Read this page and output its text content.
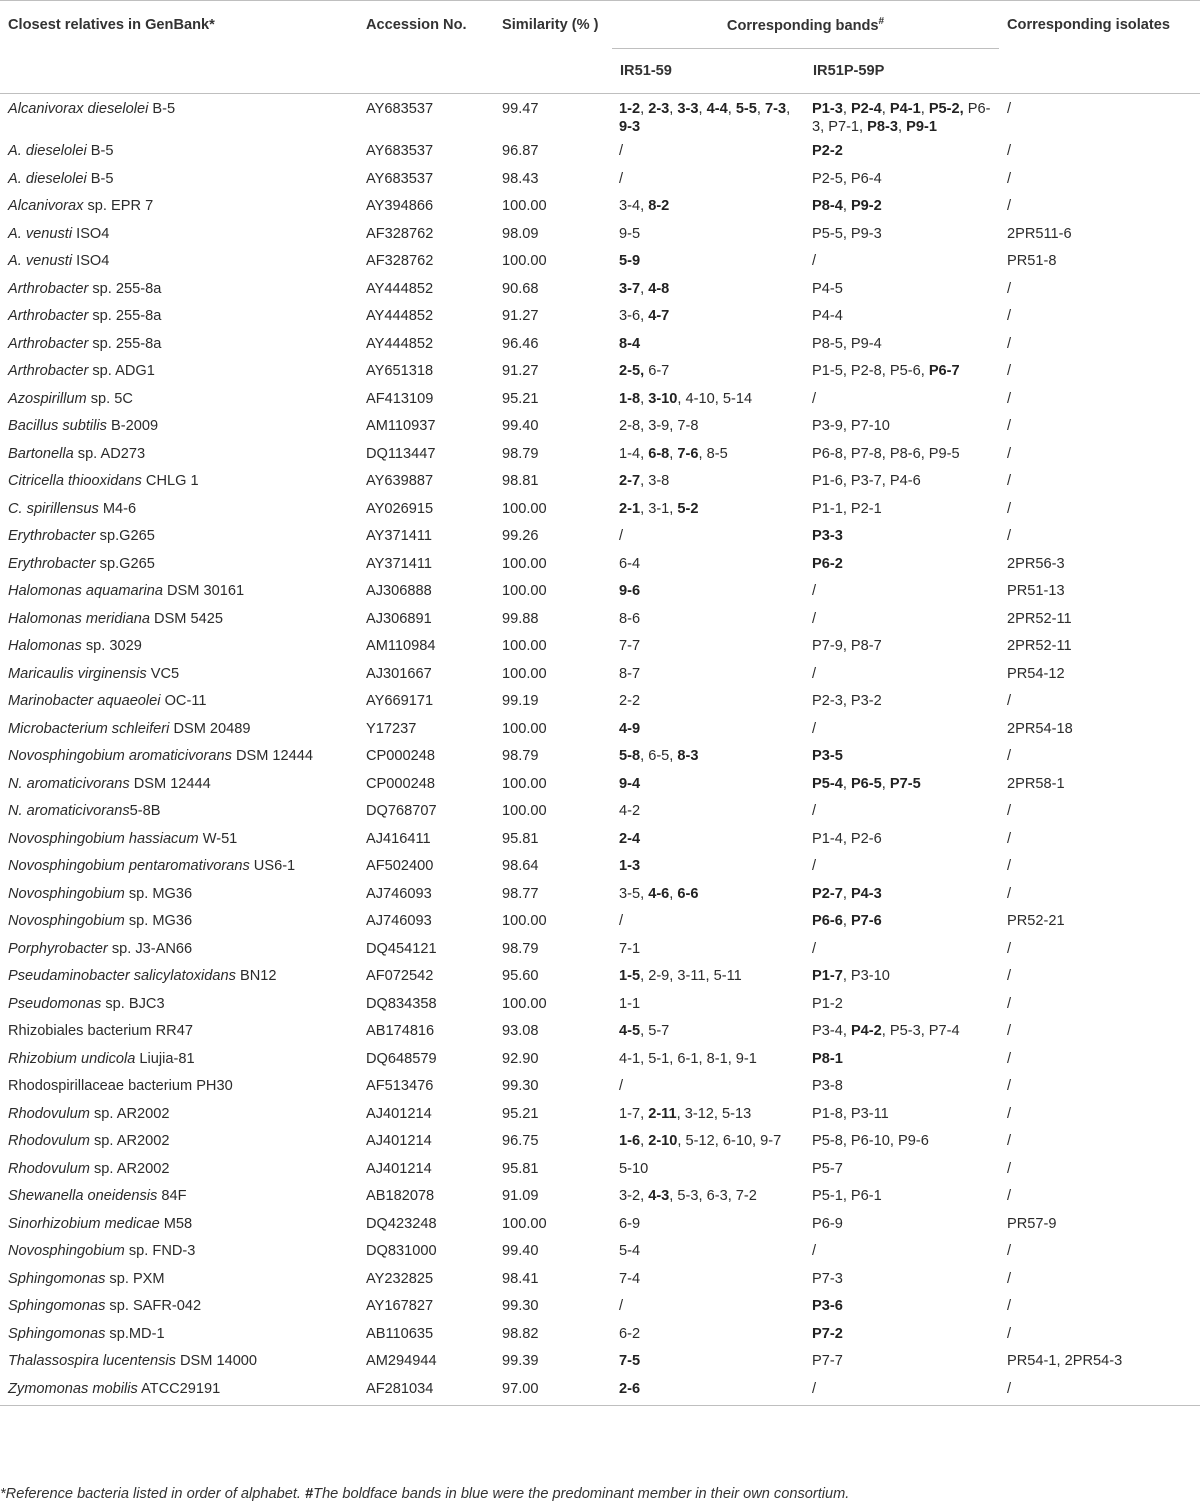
Closest relatives in GenBank*	Accession No.	Similarity (% )	Corresponding bands#		Corresponding isolates
			IR51-59	IR51P-59P	
Alcanivorax dieselolei B-5	AY683537	99.47	1-2, 2-3, 3-3, 4-4, 5-5, 7-3, 9-3	P1-3, P2-4, P4-1, P5-2, P6-3, P7-1, P8-3, P9-1	/
A. dieselolei B-5	AY683537	96.87	/	P2-2	/
A. dieselolei B-5	AY683537	98.43	/	P2-5, P6-4	/
Alcanivorax sp. EPR 7	AY394866	100.00	3-4, 8-2	P8-4, P9-2	/
A. venusti ISO4	AF328762	98.09	9-5	P5-5, P9-3	2PR511-6
A. venusti ISO4	AF328762	100.00	5-9	/	PR51-8
Arthrobacter sp. 255-8a	AY444852	90.68	3-7, 4-8	P4-5	/
Arthrobacter sp. 255-8a	AY444852	91.27	3-6, 4-7	P4-4	/
Arthrobacter sp. 255-8a	AY444852	96.46	8-4	P8-5, P9-4	/
Arthrobacter sp. ADG1	AY651318	91.27	2-5, 6-7	P1-5, P2-8, P5-6, P6-7	/
Azospirillum sp. 5C	AF413109	95.21	1-8, 3-10, 4-10, 5-14	/	/
Bacillus subtilis B-2009	AM110937	99.40	2-8, 3-9, 7-8	P3-9, P7-10	/
Bartonella sp. AD273	DQ113447	98.79	1-4, 6-8, 7-6, 8-5	P6-8, P7-8, P8-6, P9-5	/
Citricella thiooxidans CHLG 1	AY639887	98.81	2-7, 3-8	P1-6, P3-7, P4-6	/
C. spirillensus M4-6	AY026915	100.00	2-1, 3-1, 5-2	P1-1, P2-1	/
Erythrobacter sp.G265	AY371411	99.26	/	P3-3	/
Erythrobacter sp.G265	AY371411	100.00	6-4	P6-2	2PR56-3
Halomonas aquamarina DSM 30161	AJ306888	100.00	9-6	/	PR51-13
Halomonas meridiana DSM 5425	AJ306891	99.88	8-6	/	2PR52-11
Halomonas sp. 3029	AM110984	100.00	7-7	P7-9, P8-7	2PR52-11
Maricaulis virginensis VC5	AJ301667	100.00	8-7	/	PR54-12
Marinobacter aquaeolei OC-11	AY669171	99.19	2-2	P2-3, P3-2	/
Microbacterium schleiferi DSM 20489	Y17237	100.00	4-9	/	2PR54-18
Novosphingobium aromaticivorans DSM 12444	CP000248	98.79	5-8, 6-5, 8-3	P3-5	/
N. aromaticivorans DSM 12444	CP000248	100.00	9-4	P5-4, P6-5, P7-5	2PR58-1
N. aromaticivorans5-8B	DQ768707	100.00	4-2	/	/
Novosphingobium hassiacum W-51	AJ416411	95.81	2-4	P1-4, P2-6	/
Novosphingobium pentaromativorans US6-1	AF502400	98.64	1-3	/	/
Novosphingobium sp. MG36	AJ746093	98.77	3-5, 4-6, 6-6	P2-7, P4-3	/
Novosphingobium sp. MG36	AJ746093	100.00	/	P6-6, P7-6	PR52-21
Porphyrobacter sp. J3-AN66	DQ454121	98.79	7-1	/	/
Pseudaminobacter salicylatoxidans BN12	AF072542	95.60	1-5, 2-9, 3-11, 5-11	P1-7, P3-10	/
Pseudomonas sp. BJC3	DQ834358	100.00	1-1	P1-2	/
Rhizobiales bacterium RR47	AB174816	93.08	4-5, 5-7	P3-4, P4-2, P5-3, P7-4	/
Rhizobium undicola Liujia-81	DQ648579	92.90	4-1, 5-1, 6-1, 8-1, 9-1	P8-1	/
Rhodospirillaceae bacterium PH30	AF513476	99.30	/	P3-8	/
Rhodovulum sp. AR2002	AJ401214	95.21	1-7, 2-11, 3-12, 5-13	P1-8, P3-11	/
Rhodovulum sp. AR2002	AJ401214	96.75	1-6, 2-10, 5-12, 6-10, 9-7	P5-8, P6-10, P9-6	/
Rhodovulum sp. AR2002	AJ401214	95.81	5-10	P5-7	/
Shewanella oneidensis 84F	AB182078	91.09	3-2, 4-3, 5-3, 6-3, 7-2	P5-1, P6-1	/
Sinorhizobium medicae M58	DQ423248	100.00	6-9	P6-9	PR57-9
Novosphingobium sp. FND-3	DQ831000	99.40	5-4	/	/
Sphingomonas sp. PXM	AY232825	98.41	7-4	P7-3	/
Sphingomonas sp. SAFR-042	AY167827	99.30	/	P3-6	/
Sphingomonas sp.MD-1	AB110635	98.82	6-2	P7-2	/
Thalassospira lucentensis DSM 14000	AM294944	99.39	7-5	P7-7	PR54-1, 2PR54-3
Zymomonas mobilis ATCC29191	AF281034	97.00	2-6	/	/
*Reference bacteria listed in order of alphabet. #The boldface bands in blue were the predominant member in their own consortium.
